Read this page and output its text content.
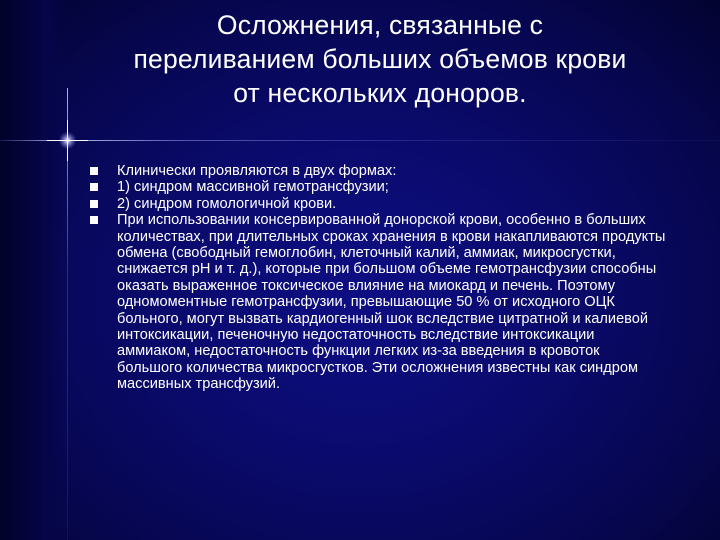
Осложнения, связанные с
переливанием больших объемов крови
от нескольких доноров.
Клинически проявляются в двух формах:
1) синдром массивной гемотрансфузии;
2) синдром гомологичной крови.
При использовании консервированной донорской крови, особенно в больших количествах, при длительных сроках хранения в крови накапливаются продукты обмена (свободный гемоглобин, клеточный калий, аммиак, микросгустки, снижается рН и т. д.), которые при большом объеме гемотрансфузии способны оказать выраженное токсическое влияние на миокард и печень. Поэтому одномоментные гемотрансфузии, превышающие 50 % от исходного ОЦК больного, могут вызвать кардиогенный шок вследствие цитратной и калиевой интоксикации, печеночную недостаточность вследствие интоксикации аммиаком, недостаточность функции легких из-за введения в кровоток большого количества микросгустков. Эти осложнения известны как синдром массивных трансфузий.
